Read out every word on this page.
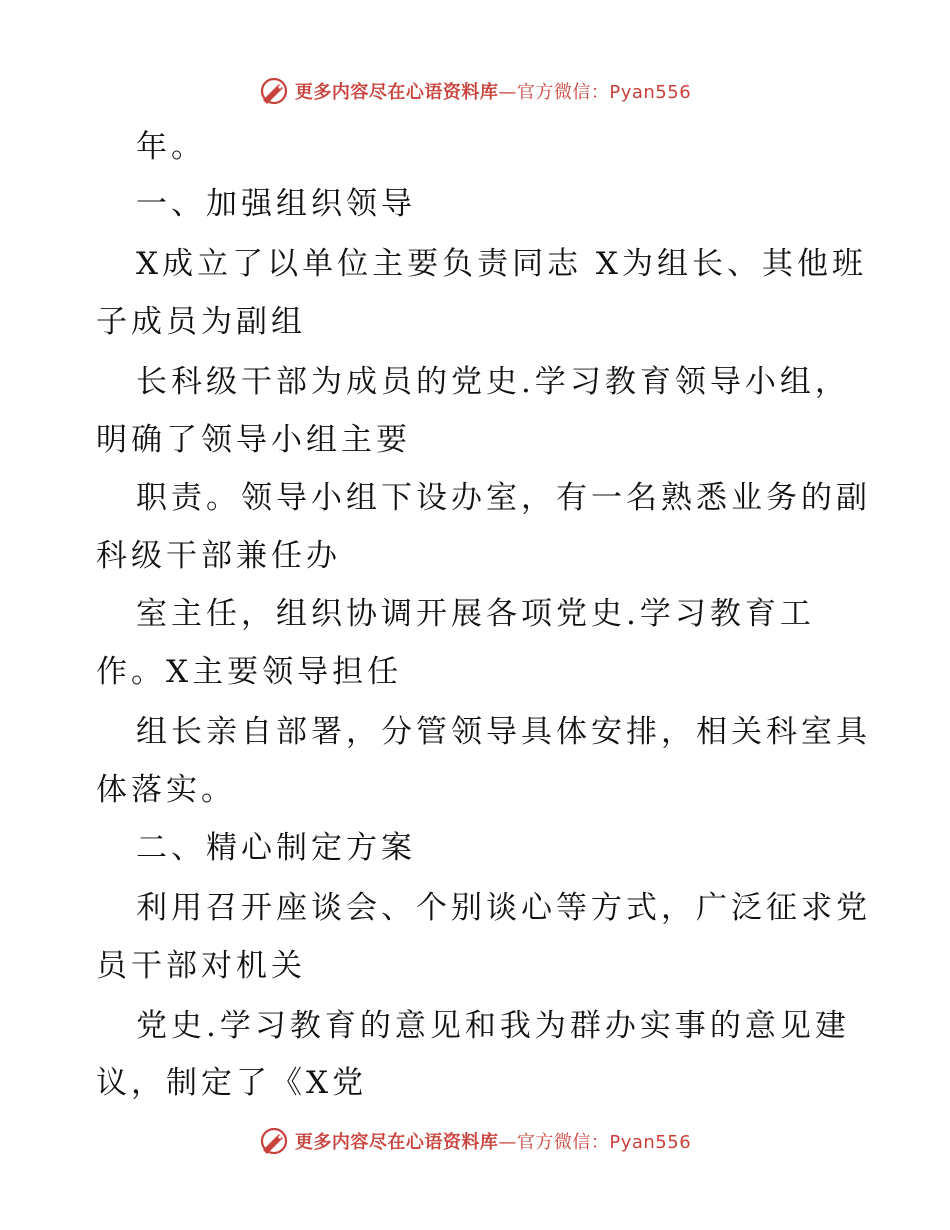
更多内容尽在心语资料库—官方微信：Pyan556
年。
一、加强组织领导
X成立了以单位主要负责同志 X为组长、其他班
子成员为副组
长科级干部为成员的党史.学习教育领导小组，
明确了领导小组主要
职责。领导小组下设办室，有一名熟悉业务的副
科级干部兼任办
室主任，组织协调开展各项党史.学习教育工
作。X主要领导担任
组长亲自部署，分管领导具体安排，相关科室具
体落实。
二、精心制定方案
利用召开座谈会、个别谈心等方式，广泛征求党
员干部对机关
党史.学习教育的意见和我为群办实事的意见建
议，制定了《X党
更多内容尽在心语资料库—官方微信：Pyan556
